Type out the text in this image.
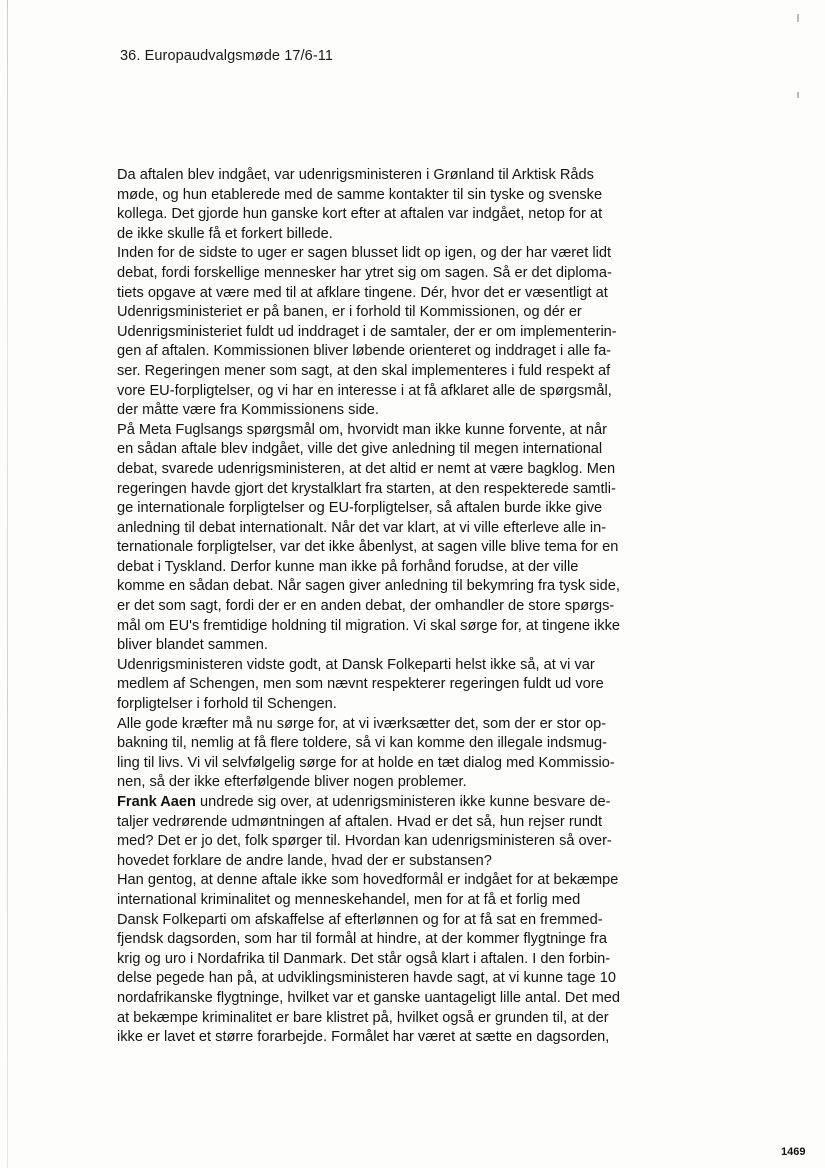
36. Europaudvalgsmøde 17/6-11
Da aftalen blev indgået, var udenrigsministeren i Grønland til Arktisk Råds
møde, og hun etablerede med de samme kontakter til sin tyske og svenske
kollega. Det gjorde hun ganske kort efter at aftalen var indgået, netop for at
de ikke skulle få et forkert billede.
Inden for de sidste to uger er sagen blusset lidt op igen, og der har været lidt
debat, fordi forskellige mennesker har ytret sig om sagen. Så er det diploma-
tiets opgave at være med til at afklare tingene. Dér, hvor det er væsentligt at
Udenrigsministeriet er på banen, er i forhold til Kommissionen, og dér er
Udenrigsministeriet fuldt ud inddraget i de samtaler, der er om implementerin-
gen af aftalen. Kommissionen bliver løbende orienteret og inddraget i alle fa-
ser. Regeringen mener som sagt, at den skal implementeres i fuld respekt af
vore EU-forpligtelser, og vi har en interesse i at få afklaret alle de spørgsmål,
der måtte være fra Kommissionens side.
På Meta Fuglsangs spørgsmål om, hvorvidt man ikke kunne forvente, at når
en sådan aftale blev indgået, ville det give anledning til megen international
debat, svarede udenrigsministeren, at det altid er nemt at være bagklog. Men
regeringen havde gjort det krystalklart fra starten, at den respekterede samtli-
ge internationale forpligtelser og EU-forpligtelser, så aftalen burde ikke give
anledning til debat internationalt. Når det var klart, at vi ville efterleve alle in-
ternationale forpligtelser, var det ikke åbenlyst, at sagen ville blive tema for en
debat i Tyskland. Derfor kunne man ikke på forhånd forudse, at der ville
komme en sådan debat. Når sagen giver anledning til bekymring fra tysk side,
er det som sagt, fordi der er en anden debat, der omhandler de store spørgs-
mål om EU's fremtidige holdning til migration. Vi skal sørge for, at tingene ikke
bliver blandet sammen.
Udenrigsministeren vidste godt, at Dansk Folkeparti helst ikke så, at vi var
medlem af Schengen, men som nævnt respekterer regeringen fuldt ud vore
forpligtelser i forhold til Schengen.
Alle gode kræfter må nu sørge for, at vi iværksætter det, som der er stor op-
bakning til, nemlig at få flere toldere, så vi kan komme den illegale indsmug-
ling til livs. Vi vil selvfølgelig sørge for at holde en tæt dialog med Kommissio-
nen, så der ikke efterfølgende bliver nogen problemer.
Frank Aaen undrede sig over, at udenrigsministeren ikke kunne besvare de-
taljer vedrørende udmøntningen af aftalen. Hvad er det så, hun rejser rundt
med? Det er jo det, folk spørger til. Hvordan kan udenrigsministeren så over-
hovedet forklare de andre lande, hvad der er substansen?
Han gentog, at denne aftale ikke som hovedformål er indgået for at bekæmpe
international kriminalitet og menneskehandel, men for at få et forlig med
Dansk Folkeparti om afskaffelse af efterlønnen og for at få sat en fremmed-
fjendsk dagsorden, som har til formål at hindre, at der kommer flygtninge fra
krig og uro i Nordafrika til Danmark. Det står også klart i aftalen. I den forbin-
delse pegede han på, at udviklingsministeren havde sagt, at vi kunne tage 10
nordafrikanske flygtninge, hvilket var et ganske uantageligt lille antal. Det med
at bekæmpe kriminalitet er bare klistret på, hvilket også er grunden til, at der
ikke er lavet et større forarbejde. Formålet har været at sætte en dagsorden,
1469
